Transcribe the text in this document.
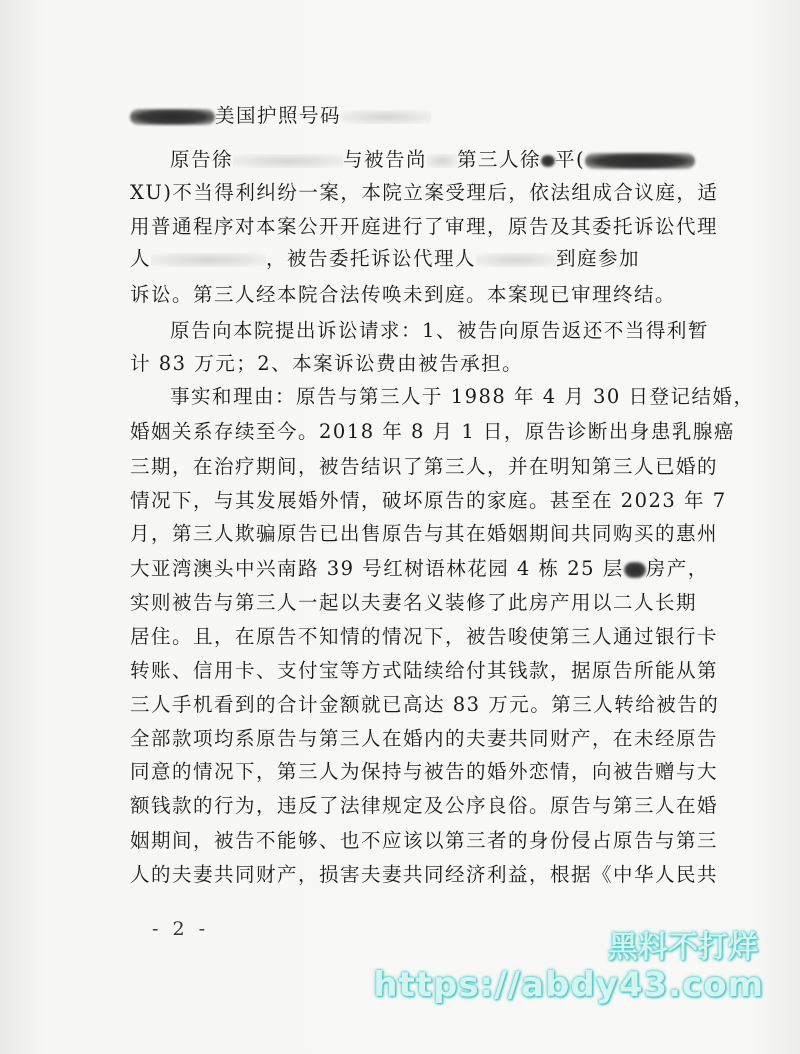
美国护照号码
原告徐	与被告尚 第三人徐 平(
XU)不当得利纠纷一案，本院立案受理后，依法组成合议庭，适
用普通程序对本案公开开庭进行了审理，原告及其委托诉讼代理
人	，被告委托诉讼代理人	到庭参加
诉讼。第三人经本院合法传唤未到庭。本案现已审理终结。
原告向本院提出诉讼请求：1、被告向原告返还不当得利暂
计 83 万元；2、本案诉讼费由被告承担。
事实和理由：原告与第三人于 1988 年 4 月 30 日登记结婚，
婚姻关系存续至今。2018 年 8 月 1 日，原告诊断出身患乳腺癌
三期，在治疗期间，被告结识了第三人，并在明知第三人已婚的
情况下，与其发展婚外情，破坏原告的家庭。甚至在 2023 年 7
月，第三人欺骗原告已出售原告与其在婚姻期间共同购买的惠州
大亚湾澳头中兴南路 39 号红树语林花园 4 栋 25 层 房产，
实则被告与第三人一起以夫妻名义装修了此房产用以二人长期
居住。且，在原告不知情的情况下，被告唆使第三人通过银行卡
转账、信用卡、支付宝等方式陆续给付其钱款，据原告所能从第
三人手机看到的合计金额就已高达 83 万元。第三人转给被告的
全部款项均系原告与第三人在婚内的夫妻共同财产，在未经原告
同意的情况下，第三人为保持与被告的婚外恋情，向被告赠与大
额钱款的行为，违反了法律规定及公序良俗。原告与第三人在婚
姻期间，被告不能够、也不应该以第三者的身份侵占原告与第三
人的夫妻共同财产，损害夫妻共同经济利益，根据《中华人民共
- 2 -
黑料不打烊
https://abdy43.com
